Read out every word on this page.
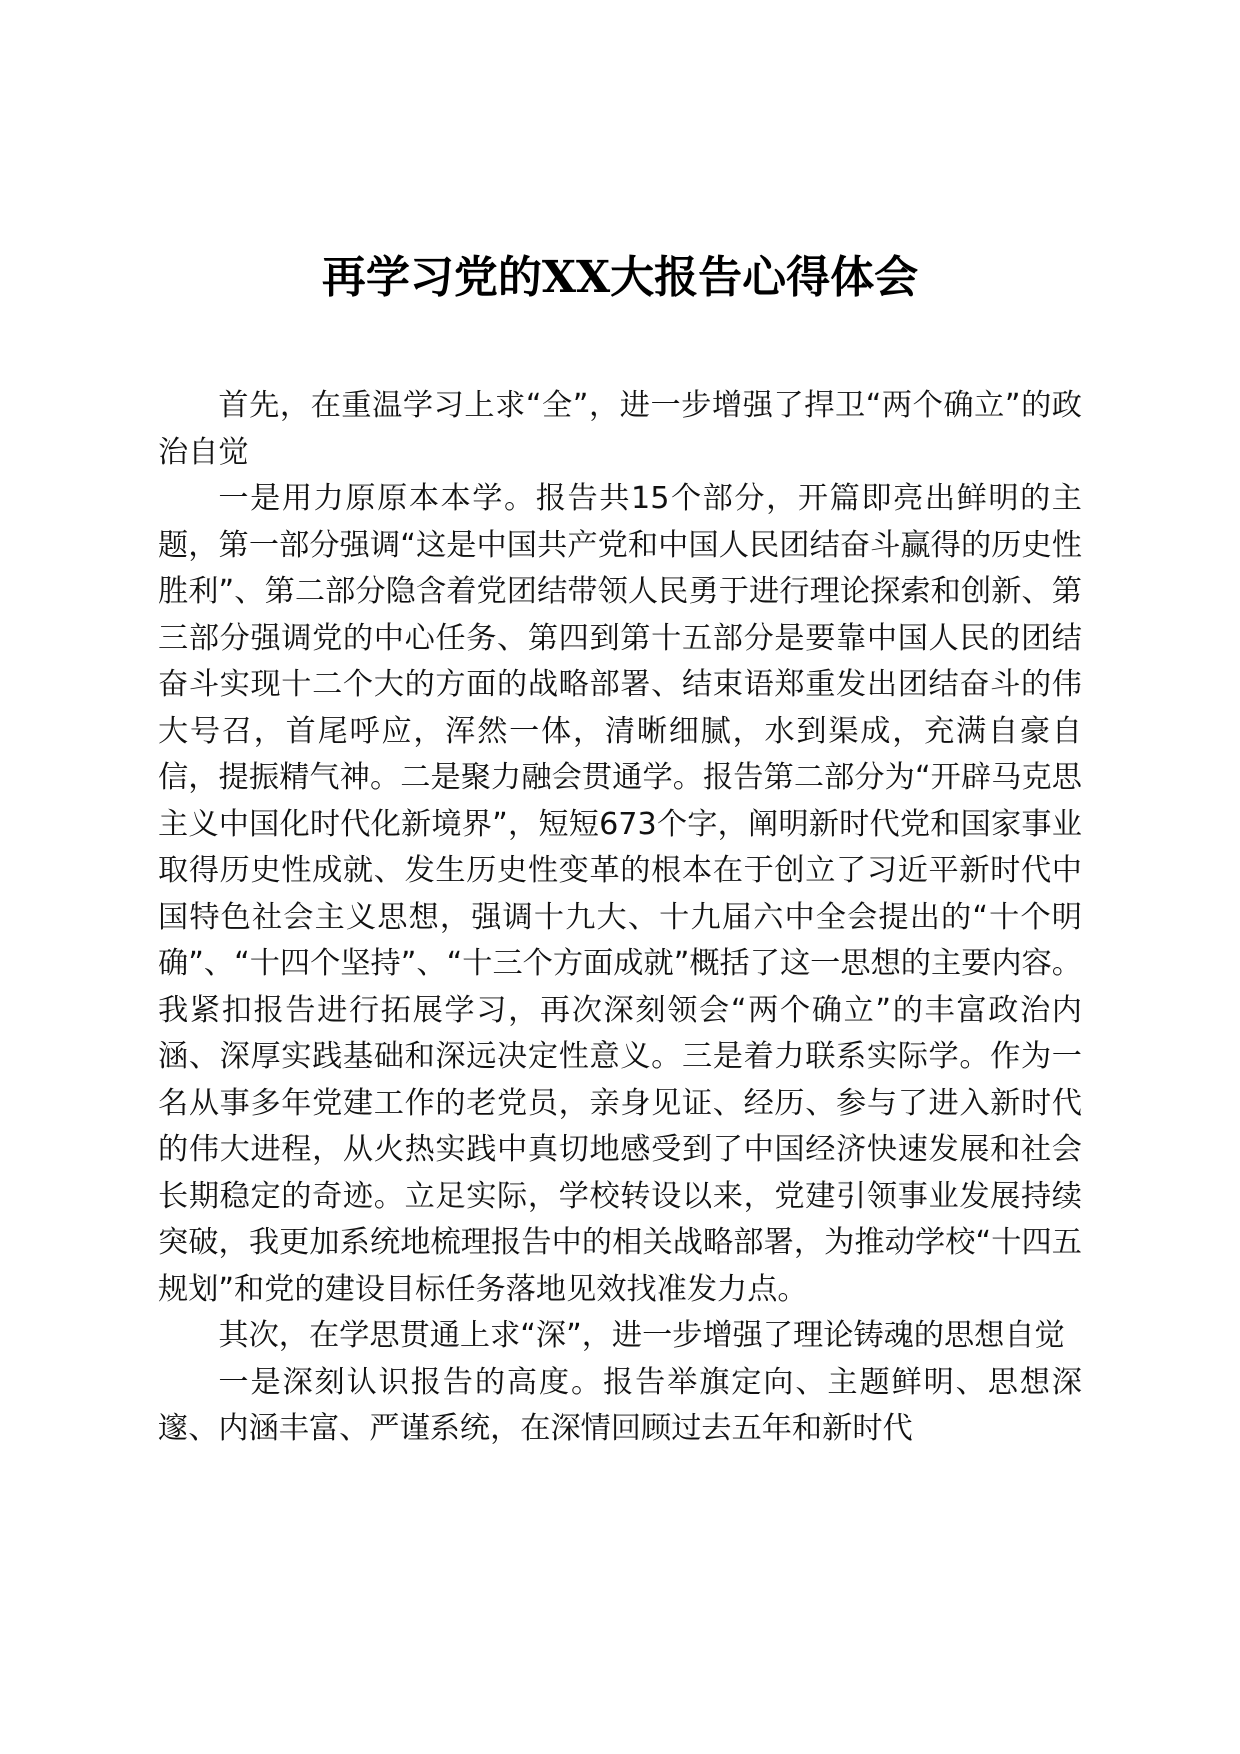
再学习党的XX大报告心得体会

首先，在重温学习上求“全”，进一步增强了捍卫“两个确立”的政治自觉

一是用力原原本本学。报告共15个部分，开篇即亮出鲜明的主题，第一部分强调“这是中国共产党和中国人民团结奋斗赢得的历史性胜利”、第二部分隐含着党团结带领人民勇于进行理论探索和创新、第三部分强调党的中心任务、第四到第十五部分是要靠中国人民的团结奋斗实现十二个大的方面的战略部署、结束语郑重发出团结奋斗的伟大号召，首尾呼应，浑然一体，清晰细腻，水到渠成，充满自豪自信，提振精气神。二是聚力融会贯通学。报告第二部分为“开辟马克思主义中国化时代化新境界”，短短673个字，阐明新时代党和国家事业取得历史性成就、发生历史性变革的根本在于创立了习近平新时代中国特色社会主义思想，强调十九大、十九届六中全会提出的“十个明确”、“十四个坚持”、“十三个方面成就”概括了这一思想的主要内容。我紧扣报告进行拓展学习，再次深刻领会“两个确立”的丰富政治内涵、深厚实践基础和深远决定性意义。三是着力联系实际学。作为一名从事多年党建工作的老党员，亲身见证、经历、参与了进入新时代的伟大进程，从火热实践中真切地感受到了中国经济快速发展和社会长期稳定的奇迹。立足实际，学校转设以来，党建引领事业发展持续突破，我更加系统地梳理报告中的相关战略部署，为推动学校“十四五规划”和党的建设目标任务落地见效找准发力点。

其次，在学思贯通上求“深”，进一步增强了理论铸魂的思想自觉

一是深刻认识报告的高度。报告举旗定向、主题鲜明、思想深邃、内涵丰富、严谨系统，在深情回顾过去五年和新时代
